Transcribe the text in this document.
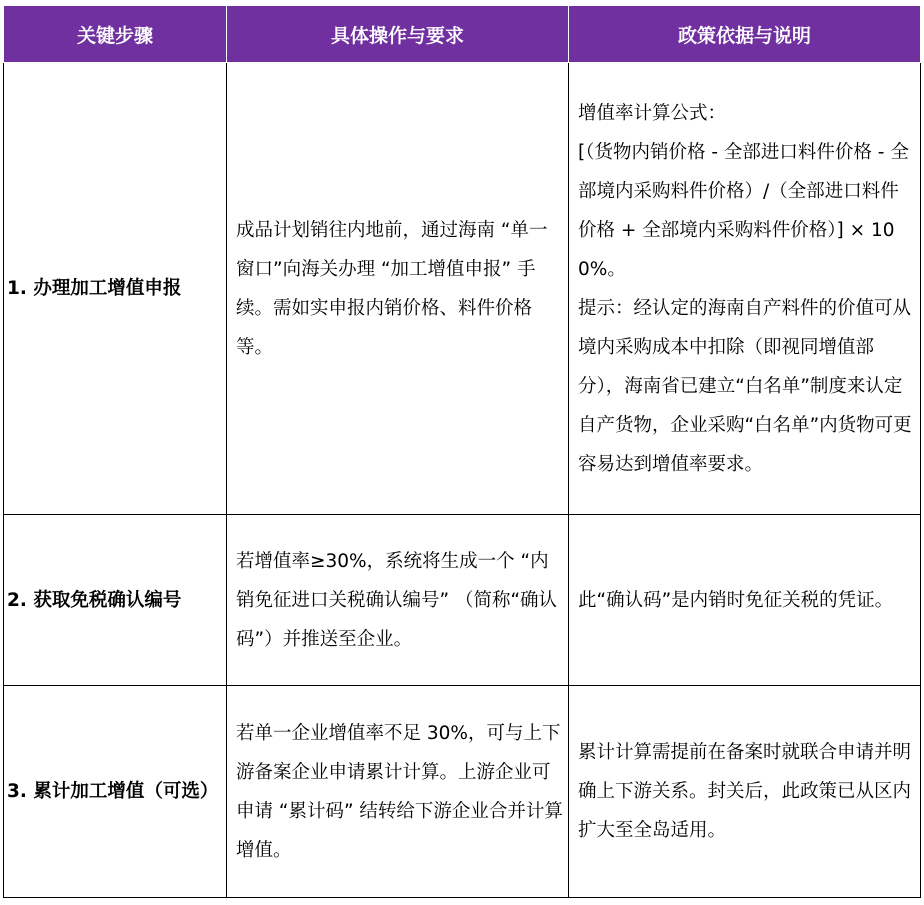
关键步骤	具体操作与要求	政策依据与说明
1. 办理加工增值申报	成品计划销往内地前，通过海南 “单一窗口”向海关办理 “加工增值申报” 手续。需如实申报内销价格、料件价格等。	增值率计算公式：
[（货物内销价格 - 全部进口料件价格 - 全部境内采购料件价格）/（全部进口料件价格 + 全部境内采购料件价格）] × 100%。
提示：经认定的海南自产料件的价值可从境内采购成本中扣除（即视同增值部分），海南省已建立“白名单”制度来认定自产货物，企业采购“白名单”内货物可更容易达到增值率要求。

2. 获取免税确认编号	若增值率≥30%，系统将生成一个 “内销免征进口关税确认编号” （简称“确认码”）并推送至企业。	此“确认码”是内销时免征关税的凭证。

3. 累计加工增值（可选）	若单一企业增值率不足 30%，可与上下游备案企业申请累计计算。上游企业可申请 “累计码” 结转给下游企业合并计算增值。	累计计算需提前在备案时就联合申请并明确上下游关系。封关后，此政策已从区内扩大至全岛适用。
